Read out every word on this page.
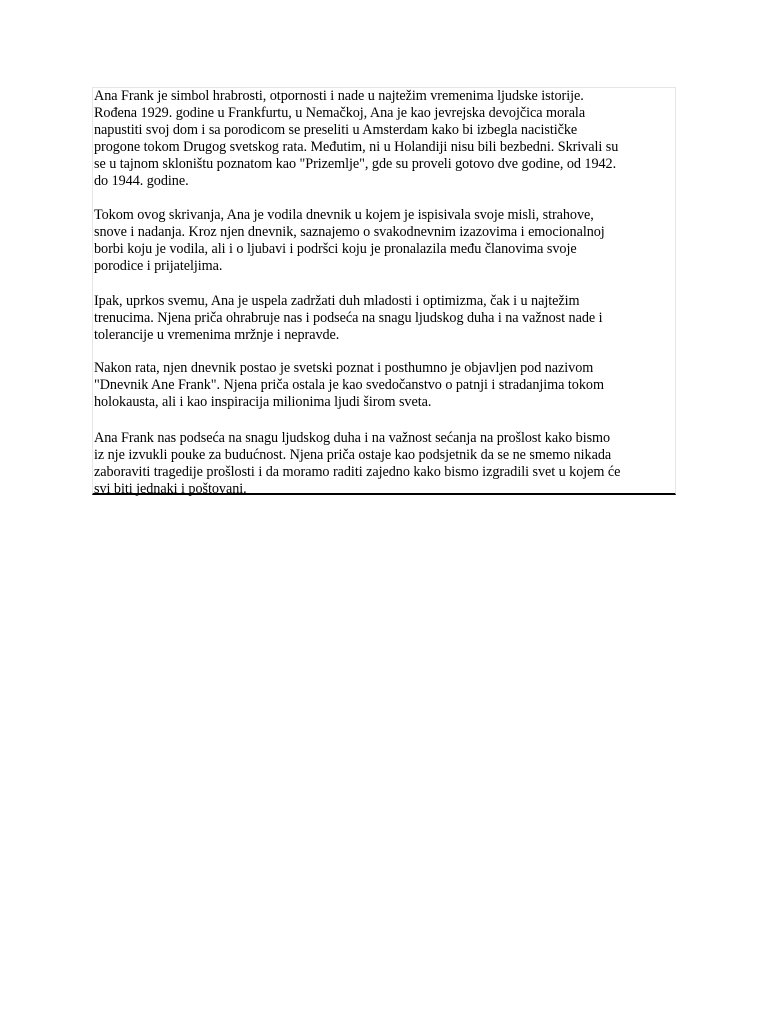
Ana Frank je simbol hrabrosti, otpornosti i nade u najtežim vremenima ljudske istorije.
Rođena 1929. godine u Frankfurtu, u Nemačkoj, Ana je kao jevrejska devojčica morala
napustiti svoj dom i sa porodicom se preseliti u Amsterdam kako bi izbegla nacističke
progone tokom Drugog svetskog rata. Međutim, ni u Holandiji nisu bili bezbedni. Skrivali su
se u tajnom skloništu poznatom kao "Prizemlje", gde su proveli gotovo dve godine, od 1942.
do 1944. godine.

Tokom ovog skrivanja, Ana je vodila dnevnik u kojem je ispisivala svoje misli, strahove,
snove i nadanja. Kroz njen dnevnik, saznajemo o svakodnevnim izazovima i emocionalnoj
borbi koju je vodila, ali i o ljubavi i podršci koju je pronalazila među članovima svoje
porodice i prijateljima.

Ipak, uprkos svemu, Ana je uspela zadržati duh mladosti i optimizma, čak i u najtežim
trenucima. Njena priča ohrabruje nas i podseća na snagu ljudskog duha i na važnost nade i
tolerancije u vremenima mržnje i nepravde.

Nakon rata, njen dnevnik postao je svetski poznat i posthumno je objavljen pod nazivom
"Dnevnik Ane Frank". Njena priča ostala je kao svedočanstvo o patnji i stradanjima tokom
holokausta, ali i kao inspiracija milionima ljudi širom sveta.

Ana Frank nas podseća na snagu ljudskog duha i na važnost sećanja na prošlost kako bismo
iz nje izvukli pouke za budućnost. Njena priča ostaje kao podsjetnik da se ne smemo nikada
zaboraviti tragedije prošlosti i da moramo raditi zajedno kako bismo izgradili svet u kojem će
svi biti jednaki i poštovani.
